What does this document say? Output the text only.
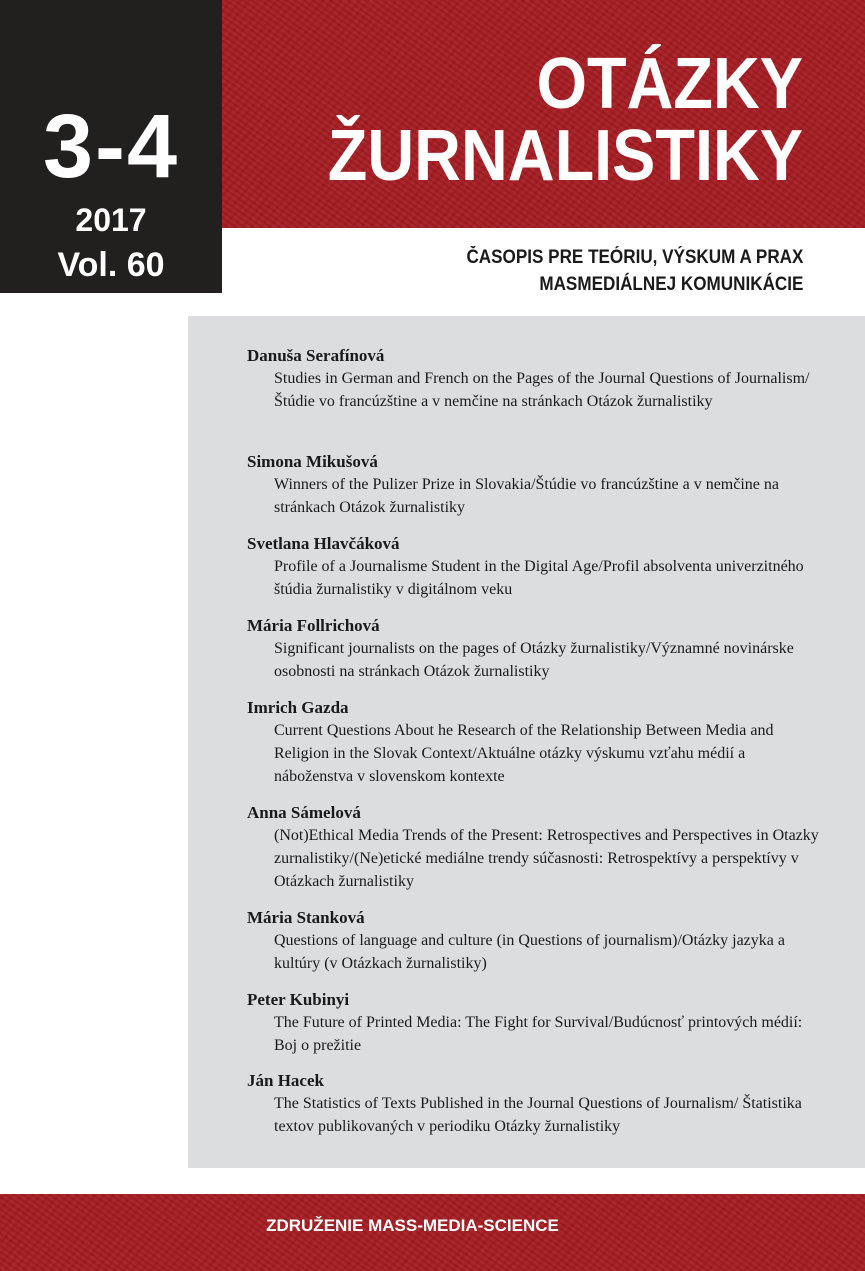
3-4
2017
Vol. 60
OTÁZKY
ŽURNALISTIKY
ČASOPIS PRE TEÓRIU, VÝSKUM A PRAX
MASMEDIÁLNEJ KOMUNIKÁCIE
Danuša Serafínová
Studies in German and French on the Pages of the Journal Questions of Journalism/Štúdie vo francúzštine a v nemčine na stránkach Otázok žurnalistiky
Simona Mikušová
Winners of the Pulizer Prize in Slovakia/Štúdie vo francúzštine a v nemčine na stránkach Otázok žurnalistiky
Svetlana Hlavčáková
Profile of a Journalisme Student in the Digital Age/Profil absolventa univerzitného štúdia žurnalistiky v digitálnom veku
Mária Follrichová
Significant journalists on the pages of Otázky žurnalistiky/Významné novinárske osobnosti na stránkach Otázok žurnalistiky
Imrich Gazda
Current Questions About he Research of the Relationship Between Media and Religion in the Slovak Context/Aktuálne otázky výskumu vzťahu médií a náboženstva v slovenskom kontexte
Anna Sámelová
(Not)Ethical Media Trends of the Present: Retrospectives and Perspectives in Otazky zurnalistiky/(Ne)etické mediálne trendy súčasnosti: Retrospektívy a perspektívy v Otázkach žurnalistiky
Mária Stanková
Questions of language and culture (in Questions of journalism)/Otázky jazyka a kultúry (v Otázkach žurnalistiky)
Peter Kubinyi
The Future of Printed Media: The Fight for Survival/Budúcnosť printových médií: Boj o prežitie
Ján Hacek
The Statistics of Texts Published in the Journal Questions of Journalism/ Štatistika textov publikovaných v periodiku Otázky žurnalistiky
ZDRUŽENIE MASS-MEDIA-SCIENCE
